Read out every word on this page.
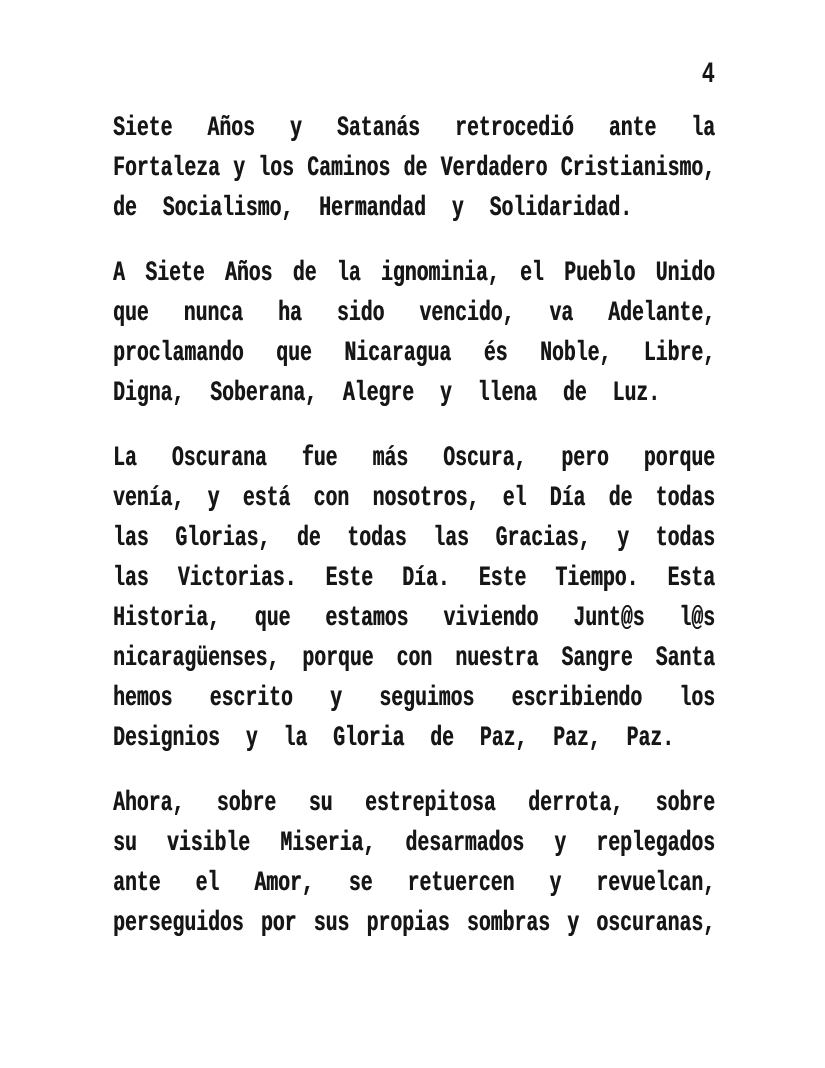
4
Siete Años y Satanás retrocedió ante la
Fortaleza y los Caminos de Verdadero Cristianismo,
de Socialismo, Hermandad y Solidaridad.
A Siete Años de la ignominia, el Pueblo Unido
que nunca ha sido vencido, va Adelante,
proclamando que Nicaragua és Noble, Libre,
Digna, Soberana, Alegre y llena de Luz.
La Oscurana fue más Oscura, pero porque
venía, y está con nosotros, el Día de todas
las Glorias, de todas las Gracias, y todas
las Victorias. Este Día. Este Tiempo. Esta
Historia, que estamos viviendo Junt@s l@s
nicaragüenses, porque con nuestra Sangre Santa
hemos escrito y seguimos escribiendo los
Designios y la Gloria de Paz, Paz, Paz.
Ahora, sobre su estrepitosa derrota, sobre
su visible Miseria, desarmados y replegados
ante el Amor, se retuercen y revuelcan,
perseguidos por sus propias sombras y oscuranas,
